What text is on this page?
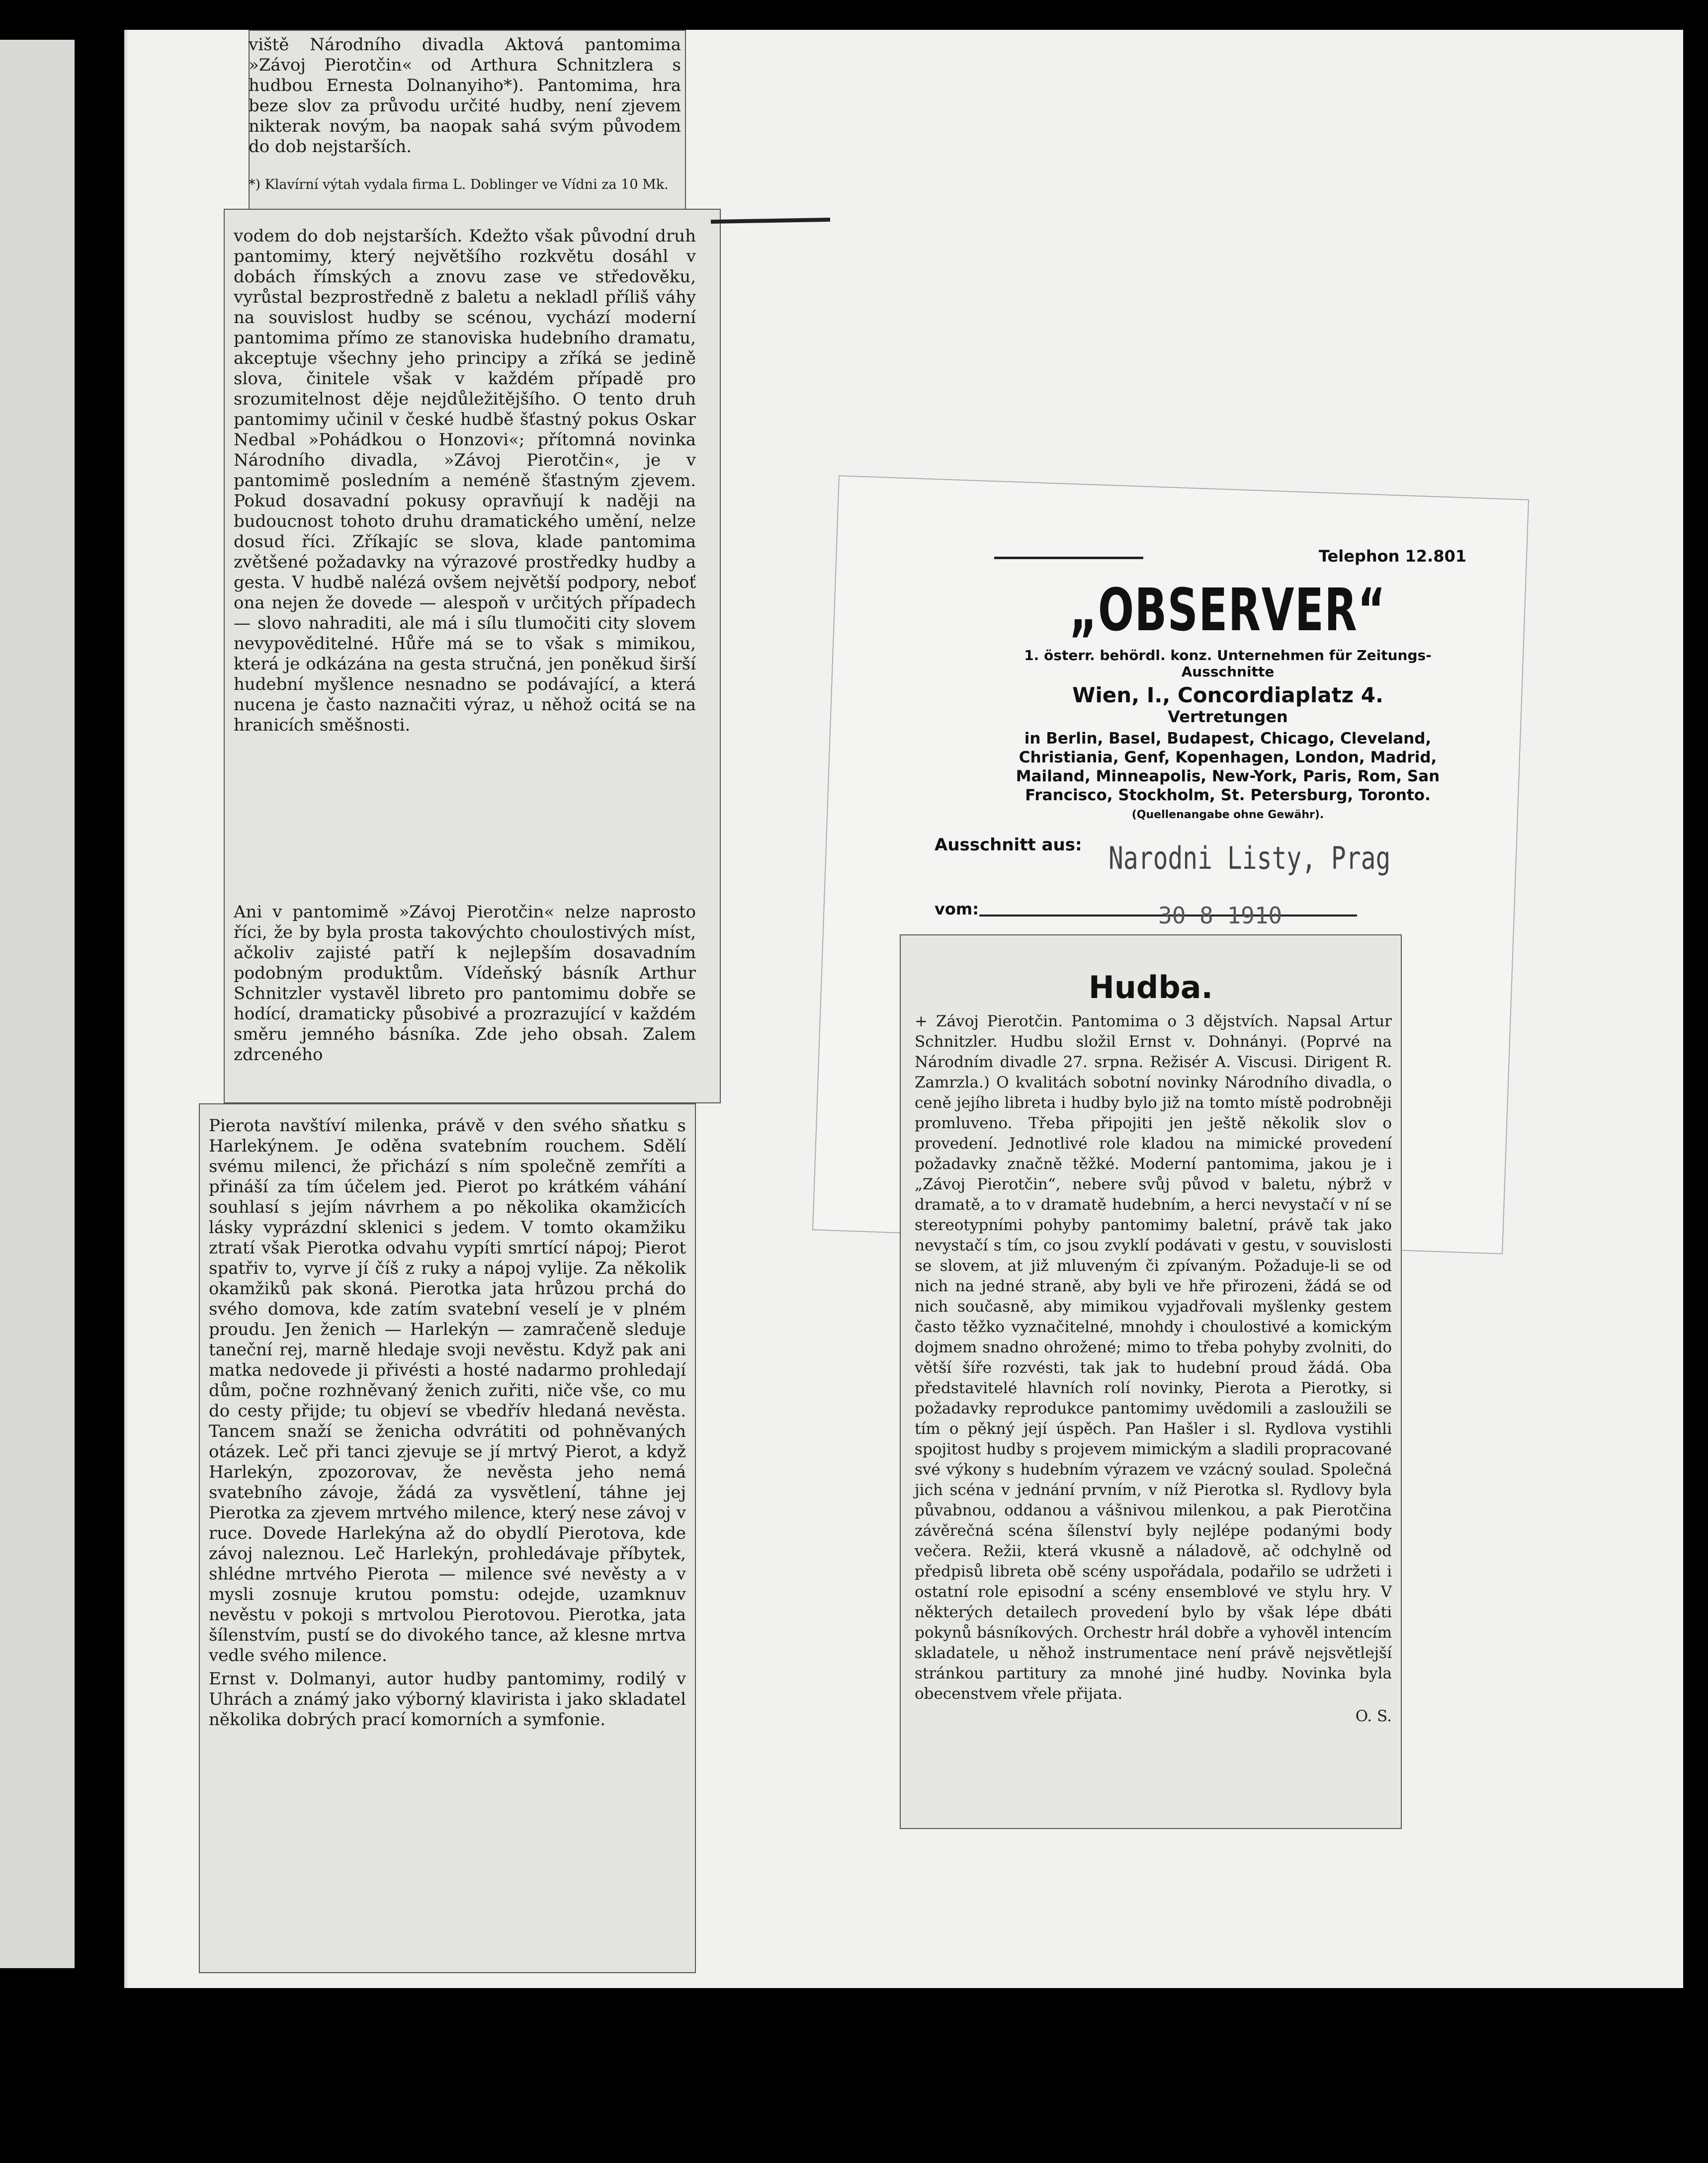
viště Národního divadla Aktová pantomima »Závoj Pierotčin« od Arthura Schnitzlera s hudbou Ernesta Dolnanyiho*). Pantomima, hra beze slov za průvodu určité hudby, není zjevem nikterak novým, ba naopak sahá svým původem do dob nejstarších.

*) Klavírní výtah vydala firma L. Doblinger ve Vídni za 10 Mk.

vodem do dob nejstarších. Kdežto však původní druh pantomimy, který největšího rozkvětu dosáhl v dobách římských a znovu zase ve středověku, vyrůstal bezprostředně z baletu a nekladl příliš váhy na souvislost hudby se scénou, vychází moderní pantomima přímo ze stanoviska hudebního dramatu, akceptuje všechny jeho principy a zříká se jedině slova, činitele však v každém případě pro srozumitelnost děje nejdůležitějšího. O tento druh pantomimy učinil v české hudbě šťastný pokus Oskar Nedbal »Pohádkou o Honzovi«; přítomná novinka Národního divadla, »Závoj Pierotčin«, je v pantomimě posledním a neméně šťastným zjevem. Pokud dosavadní pokusy opravňují k naději na budoucnost tohoto druhu dramatického umění, nelze dosud říci. Zříkajíc se slova, klade pantomima zvětšené požadavky na výrazové prostředky hudby a gesta. V hudbě nalézá ovšem největší podpory, neboť ona nejen že dovede — alespoň v určitých případech — slovo nahraditi, ale má i sílu tlumočiti city slovem nevypověditelné. Hůře má se to však s mimikou, která je odkázána na gesta stručná, jen poněkud širší hudební myšlence nesnadno se podávající, a která nucena je často naznačiti výraz, u něhož ocitá se na hranicích směšnosti.

Ani v pantomimě »Závoj Pierotčin« nelze naprosto říci, že by byla prosta takovýchto choulostivých míst, ačkoliv zajisté patří k nejlepším dosavadním podobným produktům. Vídeňský básník Arthur Schnitzler vystavěl libreto pro pantomimu dobře se hodící, dramaticky působivé a prozrazující v každém směru jemného básníka. Zde jeho obsah. Zalem zdrceného

Pierota navštíví milenka, právě v den svého sňatku s Harlekýnem. Je oděna svatebním rouchem. Sdělí svému milenci, že přichází s ním společně zemříti a přináší za tím účelem jed. Pierot po krátkém váhání souhlasí s jejím návrhem a po několika okamžicích lásky vyprázdní sklenici s jedem. V tomto okamžiku ztratí však Pierotka odvahu vypíti smrtící nápoj; Pierot spatřiv to, vyrve jí číš z ruky a nápoj vylije. Za několik okamžiků pak skoná. Pierotka jata hrůzou prchá do svého domova, kde zatím svatební veselí je v plném proudu. Jen ženich — Harlekýn — zamračeně sleduje taneční rej, marně hledaje svoji nevěstu. Když pak ani matka nedovede ji přivésti a hosté nadarmo prohledají dům, počne rozhněvaný ženich zuřiti, niče vše, co mu do cesty přijde; tu objeví se vbedřív hledaná nevěsta. Tancem snaží se ženicha odvrátiti od pohněvaných otázek. Leč při tanci zjevuje se jí mrtvý Pierot, a když Harlekýn, zpozorovav, že nevěsta jeho nemá svatebního závoje, žádá za vysvětlení, táhne jej Pierotka za zjevem mrtvého milence, který nese závoj v ruce. Dovede Harlekýna až do obydlí Pierotova, kde závoj naleznou. Leč Harlekýn, prohledávaje příbytek, shlédne mrtvého Pierota — milence své nevěsty a v mysli zosnuje krutou pomstu: odejde, uzamknuv nevěstu v pokoji s mrtvolou Pierotovou. Pierotka, jata šílenstvím, pustí se do divokého tance, až klesne mrtva vedle svého milence.

Ernst v. Dolmanyi, autor hudby pantomimy, rodilý v Uhrách a známý jako výborný klavirista i jako skladatel několika dobrých prací komorních a symfonie.

Telephon 12.801
„OBSERVER“
1. österr. behördl. konz. Unternehmen für Zeitungs-Ausschnitte
Wien, I., Concordiaplatz 4.
Vertretungen
in Berlin, Basel, Budapest, Chicago, Cleveland, Christiania, Genf, Kopenhagen, London, Madrid, Mailand, Minneapolis, New-York, Paris, Rom, San Francisco, Stockholm, St. Petersburg, Toronto.
(Quellenangabe ohne Gewähr).
Ausschnitt aus: Narodni Listy, Prag
vom:	30 8 1910
Hudba.
+ Závoj Pierotčin. Pantomima o 3 dějstvích. Napsal Artur Schnitzler. Hudbu složil Ernst v. Dohnányi. (Poprvé na Národním divadle 27. srpna. Režisér A. Viscusi. Dirigent R. Zamrzla.) O kvalitách sobotní novinky Národního divadla, o ceně jejího libreta i hudby bylo již na tomto místě podrobněji promluveno. Třeba připojiti jen ještě několik slov o provedení. Jednotlivé role kladou na mimické provedení požadavky značně těžké. Moderní pantomima, jakou je i „Závoj Pierotčin“, nebere svůj původ v baletu, nýbrž v dramatě, a to v dramatě hudebním, a herci nevystačí v ní se stereotypními pohyby pantomimy baletní, právě tak jako nevystačí s tím, co jsou zvyklí podávati v gestu, v souvislosti se slovem, at již mluveným či zpívaným. Požaduje-li se od nich na jedné straně, aby byli ve hře přirozeni, žádá se od nich současně, aby mimikou vyjadřovali myšlenky gestem často těžko vyznačitelné, mnohdy i choulostivé a komickým dojmem snadno ohrožené; mimo to třeba pohyby zvolniti, do větší šíře rozvésti, tak jak to hudební proud žádá. Oba představitelé hlavních rolí novinky, Pierota a Pierotky, si požadavky reprodukce pantomimy uvědomili a zasloužili se tím o pěkný její úspěch. Pan Hašler i sl. Rydlova vystihli spojitost hudby s projevem mimickým a sladili propracované své výkony s hudebním výrazem ve vzácný soulad. Společná jich scéna v jednání prvním, v níž Pierotka sl. Rydlovy byla půvabnou, oddanou a vášnivou milenkou, a pak Pierotčina závěrečná scéna šílenství byly nejlépe podanými body večera. Režii, která vkusně a náladově, ač odchylně od předpisů libreta obě scény uspořádala, podařilo se udržeti i ostatní role episodní a scény ensemblové ve stylu hry. V některých detailech provedení bylo by však lépe dbáti pokynů básníkových. Orchestr hrál dobře a vyhověl intencím skladatele, u něhož instrumentace není právě nejsvětlejší stránkou partitury za mnohé jiné hudby. Novinka byla obecenstvem vřele přijata.
O. S.
